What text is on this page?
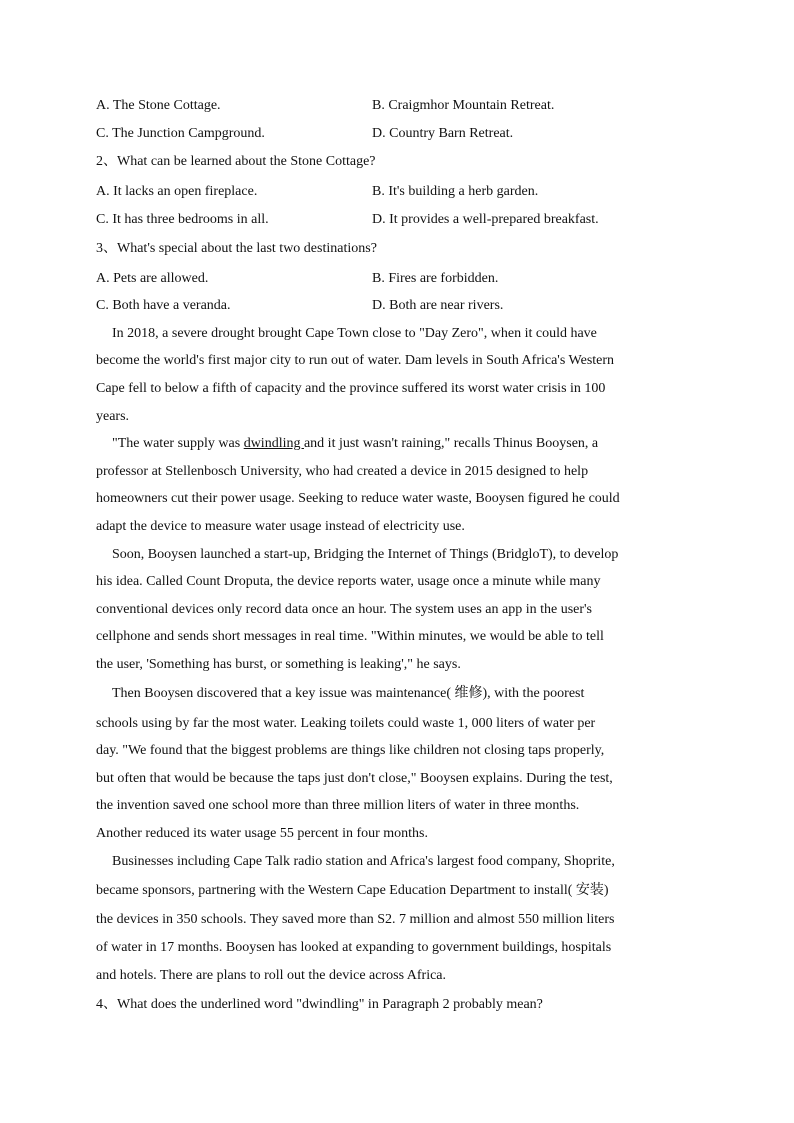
A. The Stone Cottage.	B. Craigmhor Mountain Retreat.
C. The Junction Campground.	D. Country Barn Retreat.
2、What can be learned about the Stone Cottage?
A. It lacks an open fireplace.	B. It's building a herb garden.
C. It has three bedrooms in all.	D. It provides a well-prepared breakfast.
3、What's special about the last two destinations?
A. Pets are allowed.	B. Fires are forbidden.
C. Both have a veranda.	D. Both are near rivers.
In 2018, a severe drought brought Cape Town close to "Day Zero", when it could have
become the world's first major city to run out of water. Dam levels in South Africa's Western
Cape fell to below a fifth of capacity and the province suffered its worst water crisis in 100
years.
"The water supply was dwindling and it just wasn't raining," recalls Thinus Booysen, a
professor at Stellenbosch University, who had created a device in 2015 designed to help
homeowners cut their power usage. Seeking to reduce water waste, Booysen figured he could
adapt the device to measure water usage instead of electricity use.
Soon, Booysen launched a start-up, Bridging the Internet of Things (BridgloT), to develop
his idea. Called Count Droputa, the device reports water, usage once a minute while many
conventional devices only record data once an hour. The system uses an app in the user's
cellphone and sends short messages in real time. "Within minutes, we would be able to tell
the user, 'Something has burst, or something is leaking'," he says.
Then Booysen discovered that a key issue was maintenance( 维修), with the poorest
schools using by far the most water. Leaking toilets could waste 1, 000 liters of water per
day. "We found that the biggest problems are things like children not closing taps properly,
but often that would be because the taps just don't close," Booysen explains. During the test,
the invention saved one school more than three million liters of water in three months.
Another reduced its water usage 55 percent in four months.
Businesses including Cape Talk radio station and Africa's largest food company, Shoprite,
became sponsors, partnering with the Western Cape Education Department to install( 安装)
the devices in 350 schools. They saved more than S2. 7 million and almost 550 million liters
of water in 17 months. Booysen has looked at expanding to government buildings, hospitals
and hotels. There are plans to roll out the device across Africa.
4、What does the underlined word "dwindling" in Paragraph 2 probably mean?
